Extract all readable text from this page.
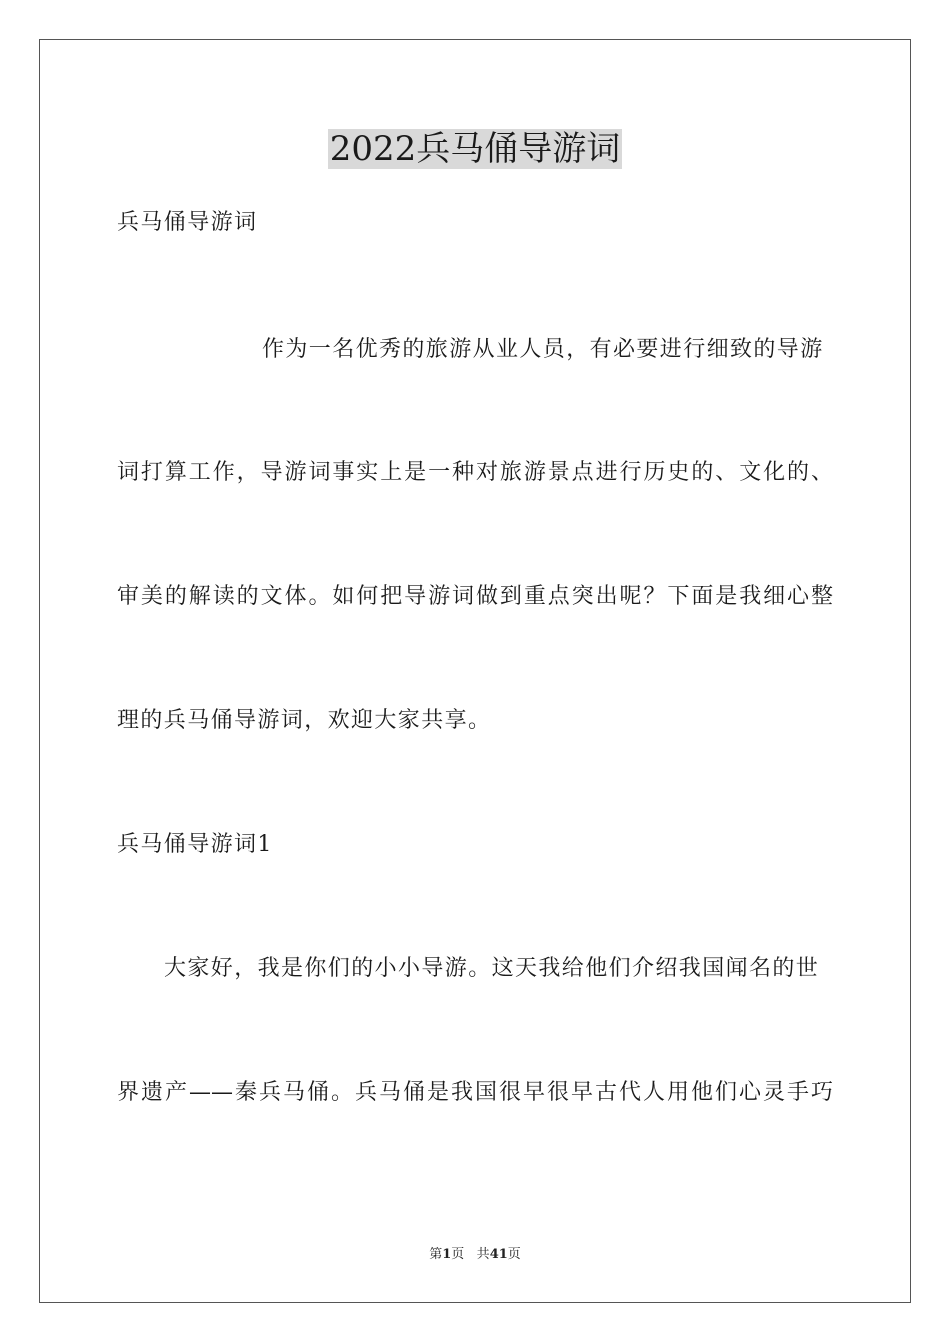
2022兵马俑导游词
兵马俑导游词
作为一名优秀的旅游从业人员，有必要进行细致的导游
词打算工作，导游词事实上是一种对旅游景点进行历史的、文化的、
审美的解读的文体。如何把导游词做到重点突出呢？下面是我细心整
理的兵马俑导游词，欢迎大家共享。
兵马俑导游词1
大家好，我是你们的小小导游。这天我给他们介绍我国闻名的世
界遗产——秦兵马俑。兵马俑是我国很早很早古代人用他们心灵手巧
第1页 共41页
